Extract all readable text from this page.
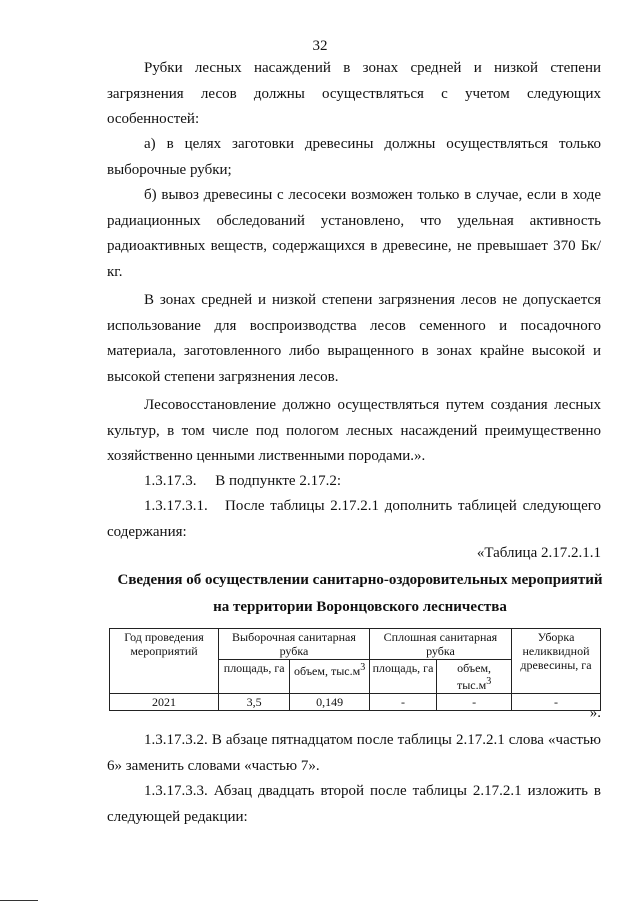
32

Рубки лесных насаждений в зонах средней и низкой степени загрязнения лесов должны осуществляться с учетом следующих особенностей:

а) в целях заготовки древесины должны осуществляться только выборочные рубки;

б) вывоз древесины с лесосеки возможен только в случае, если в ходе радиационных обследований установлено, что удельная активность радиоактивных веществ, содержащихся в древесине, не превышает 370 Бк/кг.

В зонах средней и низкой степени загрязнения лесов не допускается использование для воспроизводства лесов семенного и посадочного материала, заготовленного либо выращенного в зонах крайне высокой и высокой степени загрязнения лесов.

Лесовосстановление должно осуществляться путем создания лесных культур, в том числе под пологом лесных насаждений преимущественно хозяйственно ценными лиственными породами.».

1.3.17.3.     В подпункте 2.17.2:

1.3.17.3.1.   После таблицы 2.17.2.1 дополнить таблицей следующего содержания:

«Таблица 2.17.2.1.1
Сведения об осуществлении санитарно-оздоровительных мероприятий
на территории Воронцовского лесничества
Год проведения мероприятий	Выборочная санитарная рубка		Сплошная санитарная рубка		Уборка неликвидной древесины, га
	площадь, га	объем, $тыс.м^3$	площадь, га	объем, $тыс.м^3$
2021	3,5	0,149	-	-	-
».

1.3.17.3.2. В абзаце пятнадцатом после таблицы 2.17.2.1 слова «частью 6» заменить словами «частью 7».

1.3.17.3.3. Абзац двадцать второй после таблицы 2.17.2.1 изложить в следующей редакции:
